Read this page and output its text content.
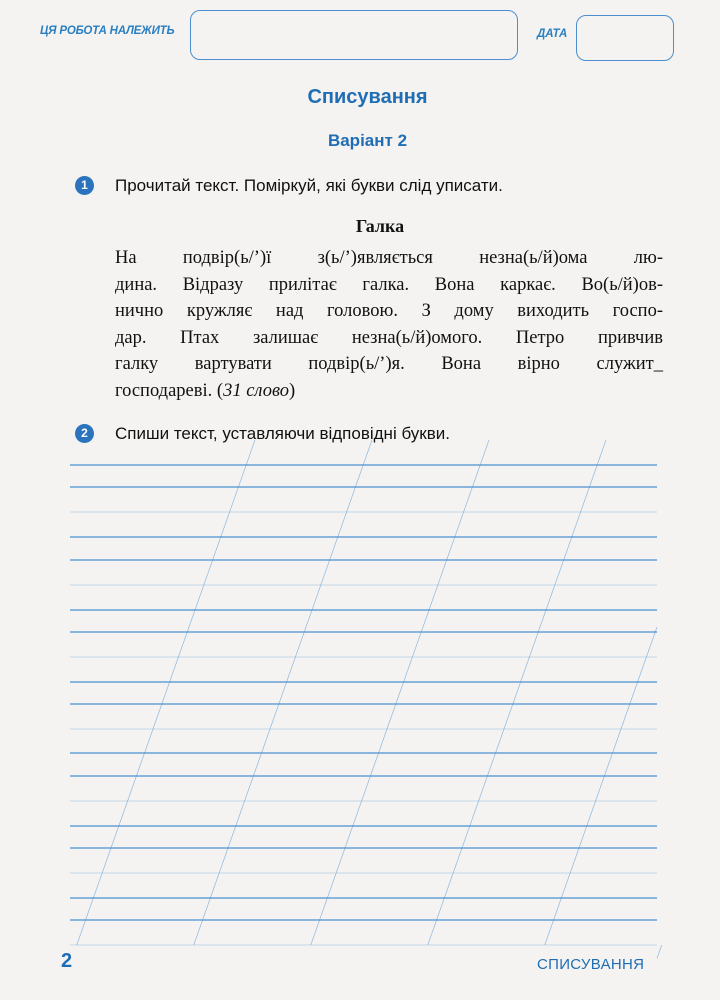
ЦЯ РОБОТА НАЛЕЖИТЬ	ДАТА
Списування
Варіант 2
1	Прочитай текст. Поміркуй, які букви слід уписати.
Галка
На подвір(ь/’)ї з(ь/’)являється незна(ь/й)ома лю-
дина. Відразу прилітає галка. Вона каркає. Во(ь/й)ов-
нично кружляє над головою. З дому виходить госпо-
дар. Птах залишає незна(ь/й)омого. Петро привчив
галку вартувати подвір(ь/’)я. Вона вірно служит_
господареві. (31 слово)
2	Спиши текст, уставляючи відповідні букви.
2	СПИСУВАННЯ
